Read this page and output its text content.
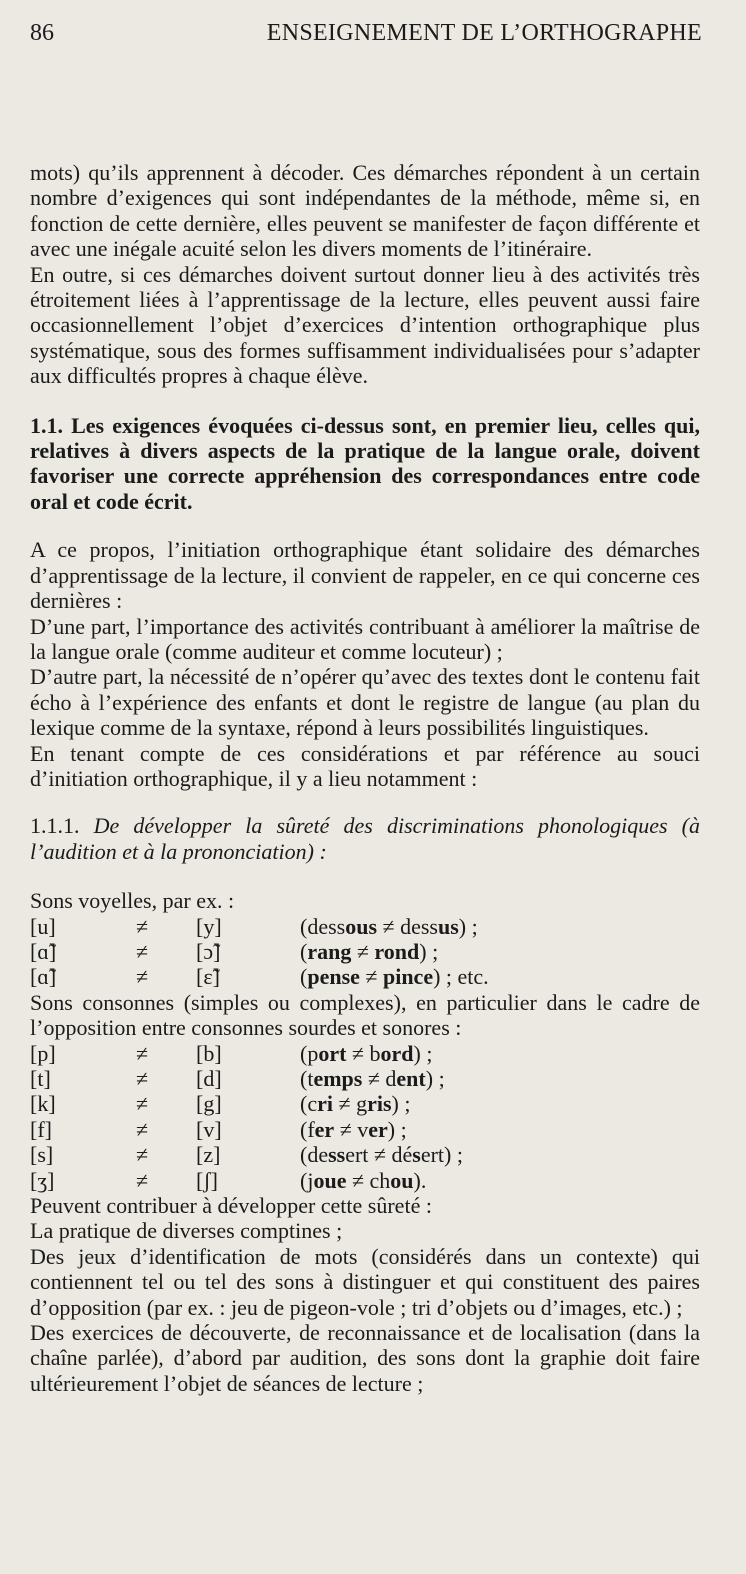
86	ENSEIGNEMENT DE L’ORTHOGRAPHE

mots) qu’ils apprennent à décoder. Ces démarches répondent à un certain nombre d’exigences qui sont indépendantes de la méthode, même si, en fonction de cette dernière, elles peuvent se manifester de façon différente et avec une inégale acuité selon les divers moments de l’itinéraire.

En outre, si ces démarches doivent surtout donner lieu à des activités très étroitement liées à l’apprentissage de la lecture, elles peuvent aussi faire occasionnellement l’objet d’exercices d’intention orthographique plus systématique, sous des formes suffisamment individualisées pour s’adapter aux difficultés propres à chaque élève.

1.1. Les exigences évoquées ci-dessus sont, en premier lieu, celles qui, relatives à divers aspects de la pratique de la langue orale, doivent favoriser une correcte appréhension des correspondances entre code oral et code écrit.

A ce propos, l’initiation orthographique étant solidaire des démarches d’apprentissage de la lecture, il convient de rappeler, en ce qui concerne ces dernières :

D’une part, l’importance des activités contribuant à améliorer la maîtrise de la langue orale (comme auditeur et comme locuteur) ;

D’autre part, la nécessité de n’opérer qu’avec des textes dont le contenu fait écho à l’expérience des enfants et dont le registre de langue (au plan du lexique comme de la syntaxe, répond à leurs possibilités linguistiques.

En tenant compte de ces considérations et par référence au souci d’initiation orthographique, il y a lieu notamment :

1.1.1. De développer la sûreté des discriminations phonologiques (à l’audition et à la prononciation) :

Sons voyelles, par ex. :

[u]	≠	[y]	(dessous ≠ dessus) ;
[ɑ̃]	≠	[ɔ̃]	(rang ≠ rond) ;
[ɑ̃]	≠	[ɛ̃]	(pense ≠ pince) ; etc.

Sons consonnes (simples ou complexes), en particulier dans le cadre de l’opposition entre consonnes sourdes et sonores :

[p]	≠	[b]	(port ≠ bord) ;
[t]	≠	[d]	(temps ≠ dent) ;
[k]	≠	[g]	(cri ≠ gris) ;
[f]	≠	[v]	(fer ≠ ver) ;
[s]	≠	[z]	(dessert ≠ désert) ;
[ʒ]	≠	[ʃ]	(joue ≠ chou).

Peuvent contribuer à développer cette sûreté :

La pratique de diverses comptines ;

Des jeux d’identification de mots (considérés dans un contexte) qui contiennent tel ou tel des sons à distinguer et qui constituent des paires d’opposition (par ex. : jeu de pigeon-vole ; tri d’objets ou d’images, etc.) ;

Des exercices de découverte, de reconnaissance et de localisation (dans la chaîne parlée), d’abord par audition, des sons dont la graphie doit faire ultérieurement l’objet de séances de lecture ;
